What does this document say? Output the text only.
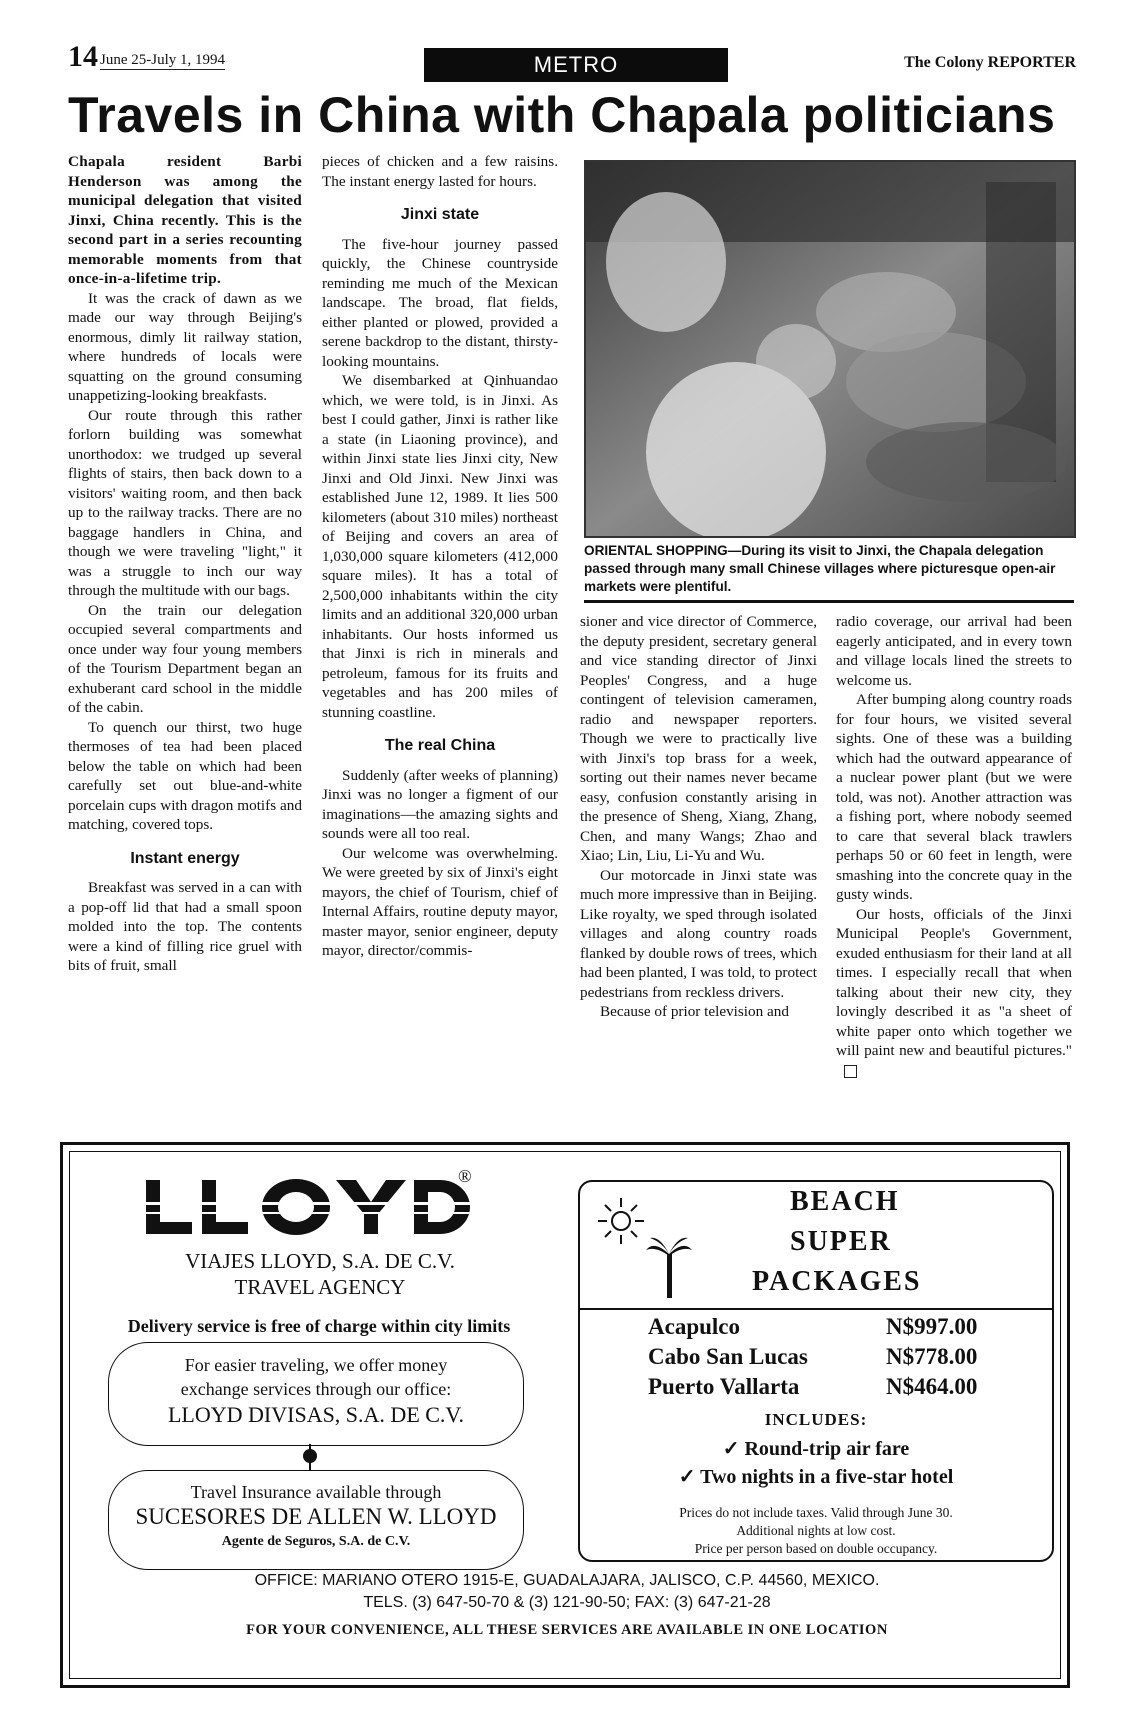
14 June 25-July 1, 1994	METRO	The Colony REPORTER
Travels in China with Chapala politicians

Chapala resident Barbi Henderson was among the municipal delegation that visited Jinxi, China recently. This is the second part in a series recounting memorable moments from that once-in-a-lifetime trip.

It was the crack of dawn as we made our way through Beijing's enormous, dimly lit railway station, where hundreds of locals were squatting on the ground consuming unappetizing-looking breakfasts.

Our route through this rather forlorn building was somewhat unorthodox: we trudged up several flights of stairs, then back down to a visitors' waiting room, and then back up to the railway tracks. There are no baggage handlers in China, and though we were traveling "light," it was a struggle to inch our way through the multitude with our bags.

On the train our delegation occupied several compartments and once under way four young members of the Tourism Department began an exhuberant card school in the middle of the cabin.

To quench our thirst, two huge thermoses of tea had been placed below the table on which had been carefully set out blue-and-white porcelain cups with dragon motifs and matching, covered tops.

Instant energy

Breakfast was served in a can with a pop-off lid that had a small spoon molded into the top. The contents were a kind of filling rice gruel with bits of fruit, small

pieces of chicken and a few raisins. The instant energy lasted for hours.

Jinxi state

The five-hour journey passed quickly, the Chinese countryside reminding me much of the Mexican landscape. The broad, flat fields, either planted or plowed, provided a serene backdrop to the distant, thirsty-looking mountains.

We disembarked at Qinhuandao which, we were told, is in Jinxi. As best I could gather, Jinxi is rather like a state (in Liaoning province), and within Jinxi state lies Jinxi city, New Jinxi and Old Jinxi. New Jinxi was established June 12, 1989. It lies 500 kilometers (about 310 miles) northeast of Beijing and covers an area of 1,030,000 square kilometers (412,000 square miles). It has a total of 2,500,000 inhabitants within the city limits and an additional 320,000 urban inhabitants. Our hosts informed us that Jinxi is rich in minerals and petroleum, famous for its fruits and vegetables and has 200 miles of stunning coastline.

The real China

Suddenly (after weeks of planning) Jinxi was no longer a figment of our imaginations—the amazing sights and sounds were all too real.

Our welcome was overwhelming. We were greeted by six of Jinxi's eight mayors, the chief of Tourism, chief of Internal Affairs, routine deputy mayor, master mayor, senior engineer, deputy mayor, director/commis-

ORIENTAL SHOPPING—During its visit to Jinxi, the Chapala delegation passed through many small Chinese villages where picturesque open-air markets were plentiful.

sioner and vice director of Commerce, the deputy president, secretary general and vice standing director of Jinxi Peoples' Congress, and a huge contingent of television cameramen, radio and newspaper reporters. Though we were to practically live with Jinxi's top brass for a week, sorting out their names never became easy, confusion constantly arising in the presence of Sheng, Xiang, Zhang, Chen, and many Wangs; Zhao and Xiao; Lin, Liu, Li-Yu and Wu.

Our motorcade in Jinxi state was much more impressive than in Beijing. Like royalty, we sped through isolated villages and along country roads flanked by double rows of trees, which had been planted, I was told, to protect pedestrians from reckless drivers.

Because of prior television and

radio coverage, our arrival had been eagerly anticipated, and in every town and village locals lined the streets to welcome us.

After bumping along country roads for four hours, we visited several sights. One of these was a building which had the outward appearance of a nuclear power plant (but we were told, was not). Another attraction was a fishing port, where nobody seemed to care that several black trawlers perhaps 50 or 60 feet in length, were smashing into the concrete quay in the gusty winds.

Our hosts, officials of the Jinxi Municipal People's Government, exuded enthusiasm for their land at all times. I especially recall that when talking about their new city, they lovingly described it as "a sheet of white paper onto which together we will paint new and beautiful pictures."

®
VIAJES LLOYD, S.A. DE C.V.
TRAVEL AGENCY
Delivery service is free of charge within city limits
For easier traveling, we offer money
exchange services through our office:
LLOYD DIVISAS, S.A. DE C.V.
Travel Insurance available through
SUCESORES DE ALLEN W. LLOYD
Agente de Seguros, S.A. de C.V.
BEACH
SUPER
PACKAGES
Acapulco	N$997.00
Cabo San Lucas	N$778.00
Puerto Vallarta	N$464.00
INCLUDES:
✓ Round-trip air fare
✓ Two nights in a five-star hotel
Prices do not include taxes. Valid through June 30.
Additional nights at low cost.
Price per person based on double occupancy.
OFFICE: MARIANO OTERO 1915-E, GUADALAJARA, JALISCO, C.P. 44560, MEXICO.
TELS. (3) 647-50-70 & (3) 121-90-50; FAX: (3) 647-21-28
FOR YOUR CONVENIENCE, ALL THESE SERVICES ARE AVAILABLE IN ONE LOCATION
